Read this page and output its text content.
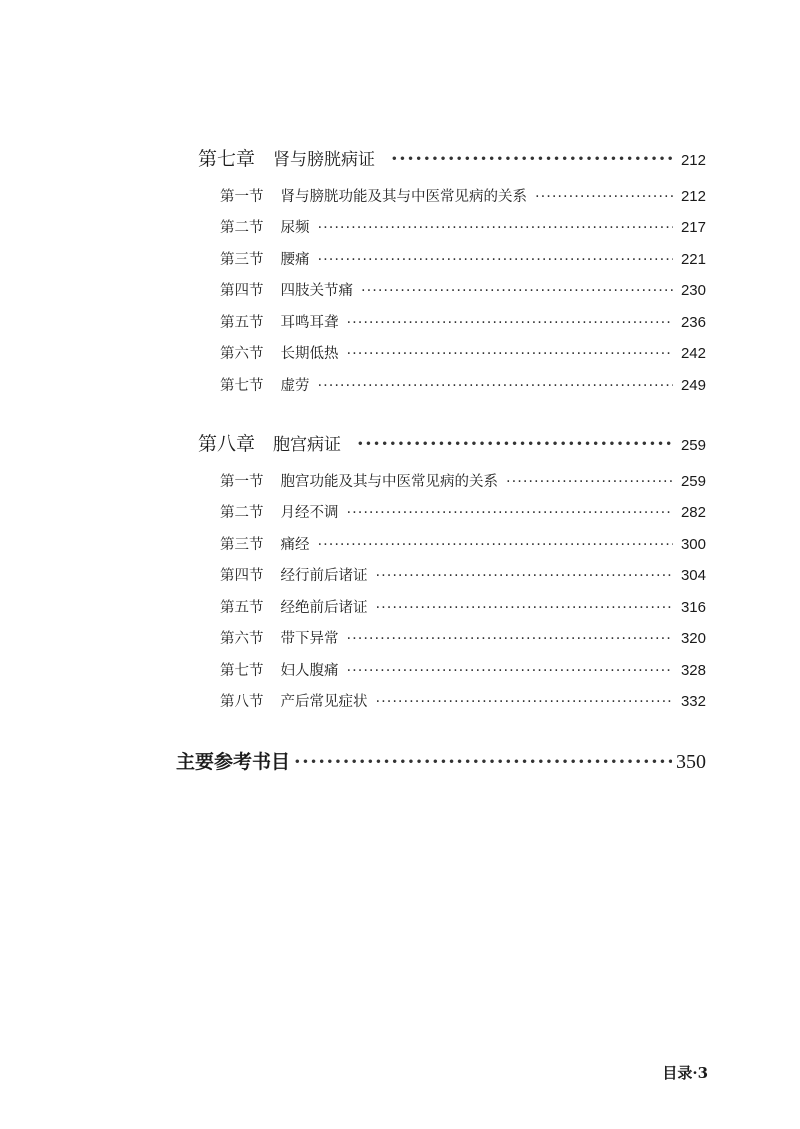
第七章 肾与膀胱病证 ·····	212
第一节 肾与膀胱功能及其与中医常见病的关系 ·····	212
第二节 尿频 ·····	217
第三节 腰痛 ·····	221
第四节 四肢关节痛 ·····	230
第五节 耳鸣耳聋 ·····	236
第六节 长期低热 ·····	242
第七节 虚劳 ·····	249
第八章 胞宫病证 ·····	259
第一节 胞宫功能及其与中医常见病的关系 ·····	259
第二节 月经不调 ·····	282
第三节 痛经 ·····	300
第四节 经行前后诸证 ·····	304
第五节 经绝前后诸证 ·····	316
第六节 带下异常 ·····	320
第七节 妇人腹痛 ·····	328
第八节 产后常见症状 ·····	332
主要参考书目 ·····	350
目录·3
